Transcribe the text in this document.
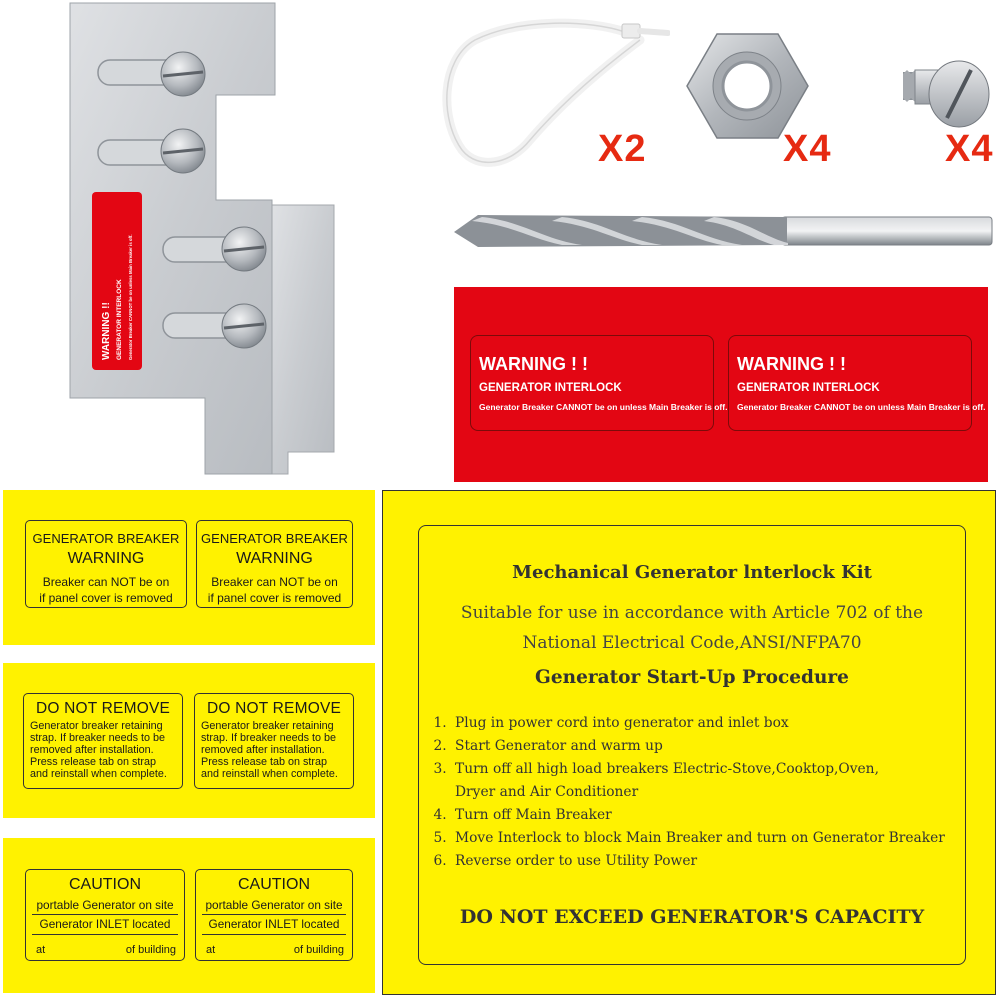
WARNING !! GENERATOR INTERLOCK Generator Breaker CANNOT be on unless Main Breaker is off.
X2	X4	X4
WARNING ! !
GENERATOR INTERLOCK
Generator Breaker CANNOT be on unless Main Breaker is off.
WARNING ! !
GENERATOR INTERLOCK
Generator Breaker CANNOT be on unless Main Breaker is off.
GENERATOR BREAKER
WARNING
Breaker can NOT be on
if panel cover is removed
GENERATOR BREAKER
WARNING
Breaker can NOT be on
if panel cover is removed
DO NOT REMOVE
Generator breaker retaining
strap. If breaker needs to be
removed after installation.
Press release tab on strap
and reinstall when complete.
DO NOT REMOVE
Generator breaker retaining
strap. If breaker needs to be
removed after installation.
Press release tab on strap
and reinstall when complete.
CAUTION
portable Generator on site
Generator INLET located
at	of building
CAUTION
portable Generator on site
Generator INLET located
at	of building
Mechanical Generator lnterlock Kit
Suitable for use in accordance with Article 702 of the
National Electrical Code,ANSI/NFPA70
Generator Start-Up Procedure
1. Plug in power cord into generator and inlet box
2. Start Generator and warm up
3. Turn off all high load breakers Electric-Stove,Cooktop,Oven, Dryer and Air Conditioner
4. Turn off Main Breaker
5. Move Interlock to block Main Breaker and turn on Generator Breaker
6. Reverse order to use Utility Power
DO NOT EXCEED GENERATOR'S CAPACITY
